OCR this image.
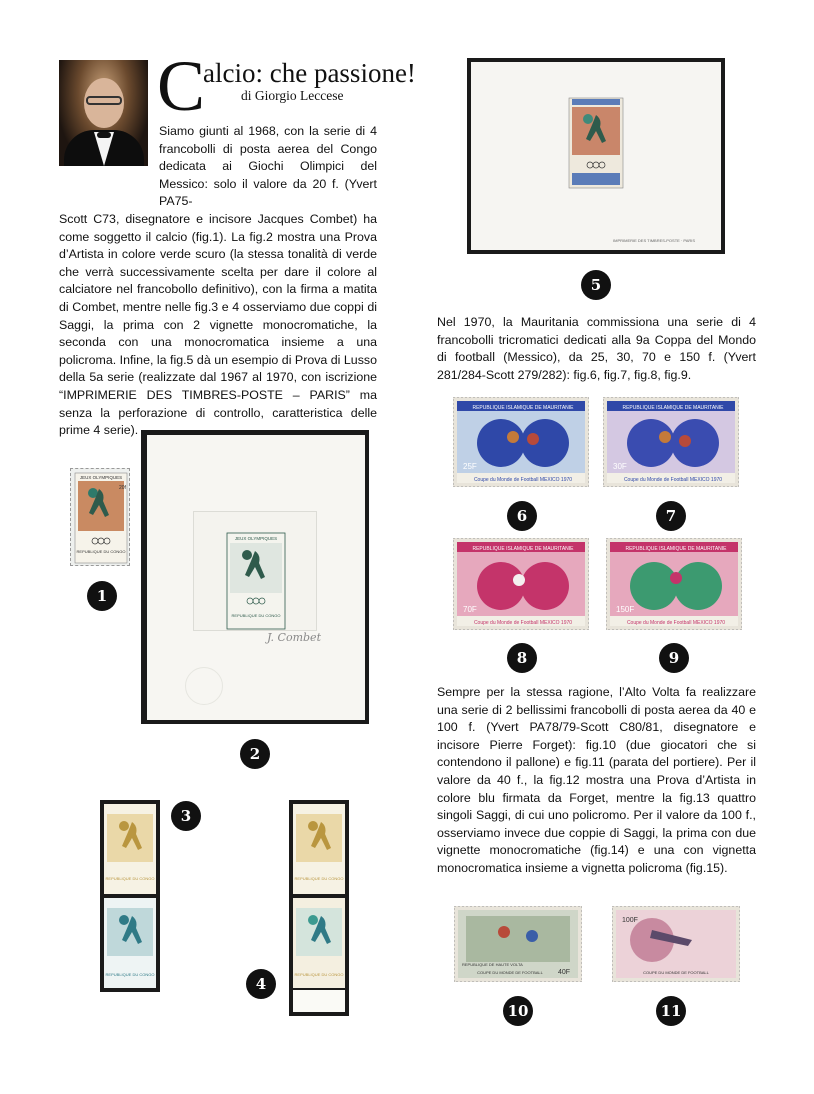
C
alcio: che passione!
di Giorgio Leccese
Siamo giunti al 1968, con la serie di 4 francobolli di posta aerea del Congo dedicata ai Giochi Olimpici del Messico: solo il valore da 20 f. (Yvert PA75-
Scott C73, disegnatore e incisore Jacques Combet) ha come soggetto il calcio (fig.1). La fig.2 mostra una Prova d’Artista in colore verde scuro (la stessa tonalità di verde che verrà successivamente scelta per dare il colore al calciatore nel francobollo definitivo), con la firma a matita di Combet, mentre nelle fig.3 e 4 osserviamo due coppi di Saggi, la prima con 2 vignette monocromatiche, la seconda con una monocromatica insieme a una policroma. Infine, la fig.5 dà un esempio di Prova di Lusso della 5a serie (realizzate dal 1967 al 1970, con iscrizione “IMPRIMERIE DES TIMBRES-POSTE – PARIS” ma senza la perforazione di controllo, caratteristica delle prime 4 serie).
JEUX OLYMPIQUES
20f
REPUBLIQUE DU CONGO
1
JEUX OLYMPIQUES
REPUBLIQUE DU CONGO
J. Combet
2
REPUBLIQUE DU CONGO
REPUBLIQUE DU CONGO
3
REPUBLIQUE DU CONGO
REPUBLIQUE DU CONGO
4
IMPRIMERIE DES TIMBRES-POSTE · PARIS
5
Nel 1970, la Mauritania commissiona una serie di 4 francobolli tricromatici dedicati alla 9a Coppa del Mondo di football (Messico), da 25, 30, 70 e 150 f. (Yvert 281/284-Scott 279/282): fig.6, fig.7, fig.8, fig.9.
REPUBLIQUE ISLAMIQUE DE MAURITANIE
25F
Coupe du Monde de Football MEXICO 1970
REPUBLIQUE ISLAMIQUE DE MAURITANIE
30F
Coupe du Monde de Football MEXICO 1970
6	7
REPUBLIQUE ISLAMIQUE DE MAURITANIE
70F
Coupe du Monde de Football MEXICO 1970
REPUBLIQUE ISLAMIQUE DE MAURITANIE
150F
Coupe du Monde de Football MEXICO 1970
8	9
Sempre per la stessa ragione, l’Alto Volta fa realizzare una serie di 2 bellissimi francobolli di posta aerea da 40 e 100 f. (Yvert PA78/79-Scott C80/81, disegnatore e incisore Pierre Forget): fig.10 (due giocatori che si contendono il pallone) e fig.11 (parata del portiere). Per il valore da 40 f., la fig.12 mostra una Prova d’Artista in colore blu firmata da Forget, mentre la fig.13 quattro singoli Saggi, di cui uno policromo. Per il valore da 100 f., osserviamo invece due coppie di Saggi, la prima con due vignette monocromatiche (fig.14) e una con vignetta monocromatica insieme a vignetta policroma (fig.15).
REPUBLIQUE DE HAUTE VOLTA
40F
COUPE DU MONDE DE FOOTBALL
100F
COUPE DU MONDE DE FOOTBALL
10	11
